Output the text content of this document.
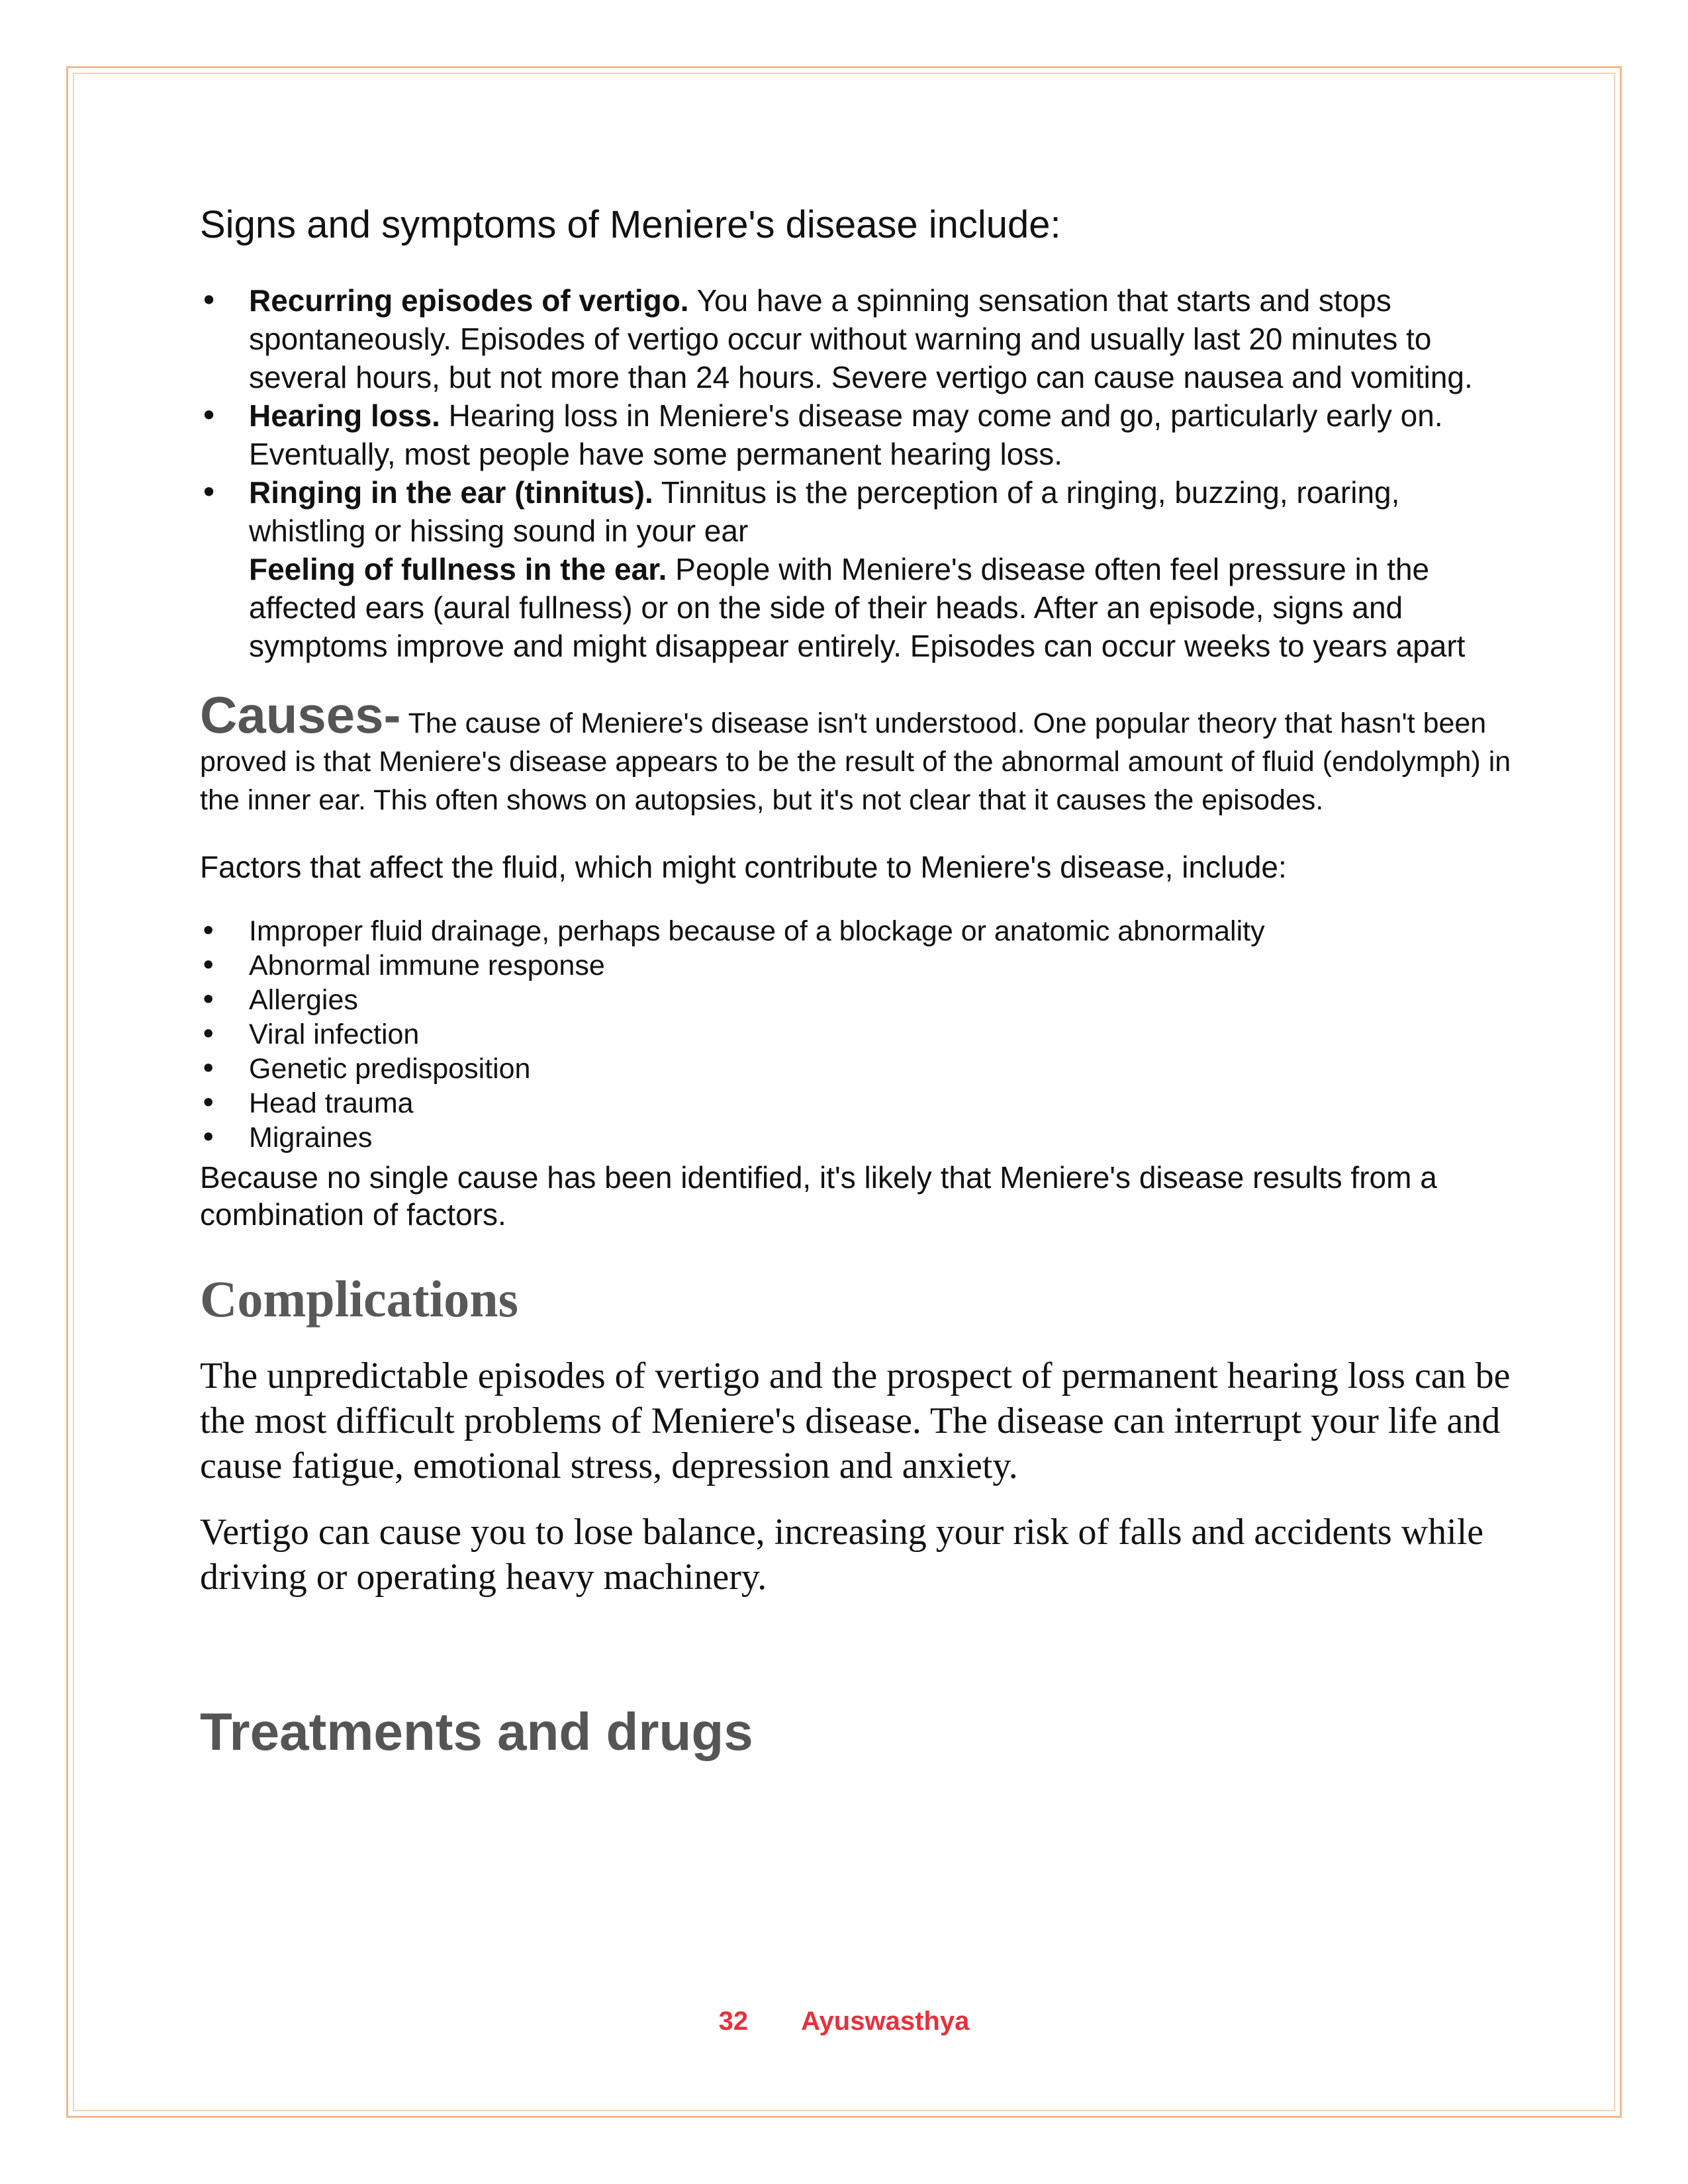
Signs and symptoms of Meniere's disease include:

• Recurring episodes of vertigo. You have a spinning sensation that starts and stops spontaneously. Episodes of vertigo occur without warning and usually last 20 minutes to several hours, but not more than 24 hours. Severe vertigo can cause nausea and vomiting.
• Hearing loss. Hearing loss in Meniere's disease may come and go, particularly early on. Eventually, most people have some permanent hearing loss.
• Ringing in the ear (tinnitus). Tinnitus is the perception of a ringing, buzzing, roaring, whistling or hissing sound in your ear

Feeling of fullness in the ear. People with Meniere's disease often feel pressure in the affected ears (aural fullness) or on the side of their heads. After an episode, signs and symptoms improve and might disappear entirely. Episodes can occur weeks to years apart

Causes- The cause of Meniere's disease isn't understood. One popular theory that hasn't been proved is that Meniere's disease appears to be the result of the abnormal amount of fluid (endolymph) in the inner ear. This often shows on autopsies, but it's not clear that it causes the episodes.

Factors that affect the fluid, which might contribute to Meniere's disease, include:

• Improper fluid drainage, perhaps because of a blockage or anatomic abnormality
• Abnormal immune response
• Allergies
• Viral infection
• Genetic predisposition
• Head trauma
• Migraines

Because no single cause has been identified, it's likely that Meniere's disease results from a combination of factors.

Complications

The unpredictable episodes of vertigo and the prospect of permanent hearing loss can be the most difficult problems of Meniere's disease. The disease can interrupt your life and cause fatigue, emotional stress, depression and anxiety.

Vertigo can cause you to lose balance, increasing your risk of falls and accidents while driving or operating heavy machinery.

Treatments and drugs
32 Ayuswasthya
